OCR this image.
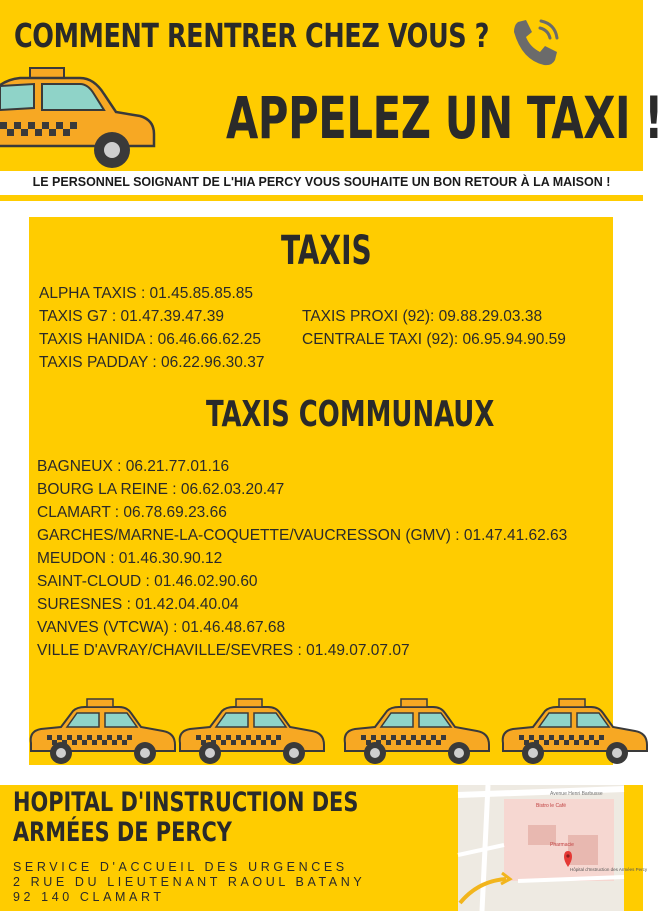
COMMENT RENTRER CHEZ VOUS ?
APPELEZ UN TAXI !
LE PERSONNEL SOIGNANT DE L'HIA PERCY VOUS SOUHAITE UN BON RETOUR À LA MAISON !
TAXIS
ALPHA TAXIS : 01.45.85.85.85
TAXIS G7 : 01.47.39.47.39
TAXIS HANIDA : 06.46.66.62.25
TAXIS PADDAY : 06.22.96.30.37
TAXIS PROXI (92): 09.88.29.03.38
CENTRALE TAXI (92): 06.95.94.90.59
TAXIS COMMUNAUX
BAGNEUX : 06.21.77.01.16
BOURG LA REINE : 06.62.03.20.47
CLAMART : 06.78.69.23.66
GARCHES/MARNE-LA-COQUETTE/VAUCRESSON (GMV) : 01.47.41.62.63
MEUDON : 01.46.30.90.12
SAINT-CLOUD : 01.46.02.90.60
SURESNES : 01.42.04.40.04
VANVES (VTCWA) : 01.46.48.67.68
VILLE D'AVRAY/CHAVILLE/SEVRES : 01.49.07.07.07
HOPITAL D'INSTRUCTION DES
ARMÉES DE PERCY
SERVICE D'ACCUEIL DES URGENCES
2 RUE DU LIEUTENANT RAOUL BATANY
92 140 CLAMART
Avenue Henri Barbusse
Bistro le Café
Pharmacie
Hôpital d'Instruction des Armées Percy
